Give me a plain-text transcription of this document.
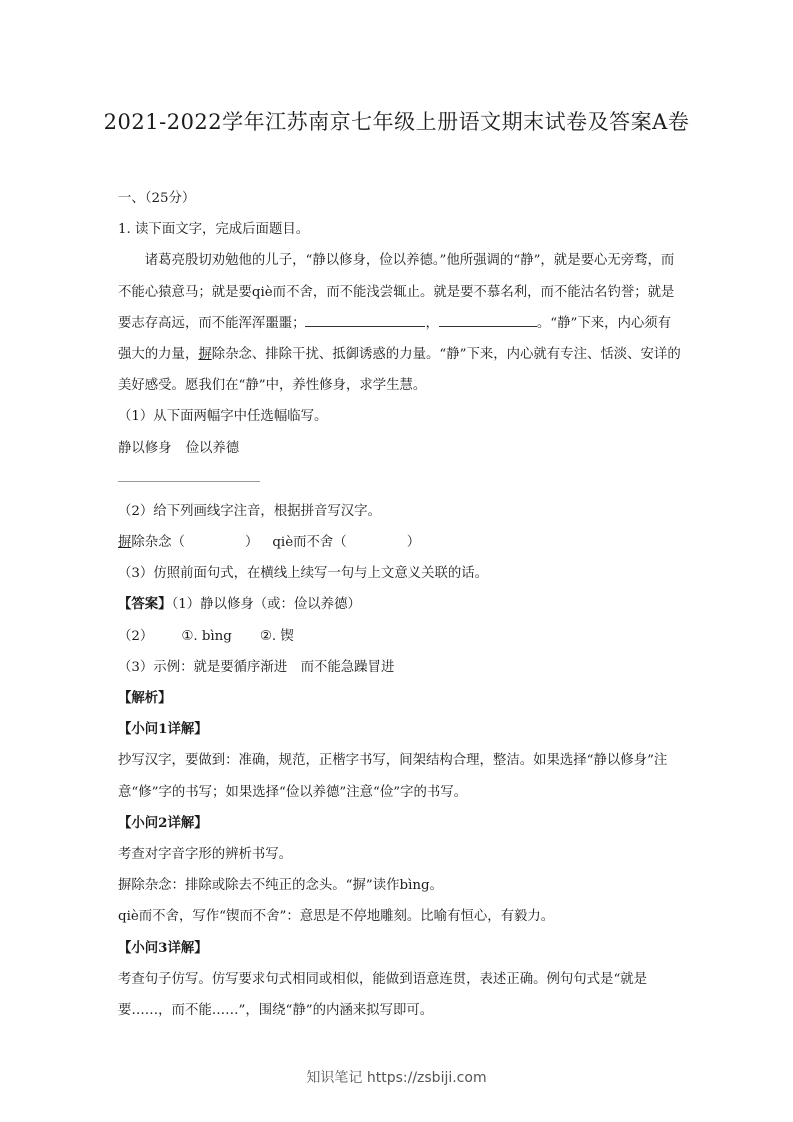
2021-2022学年江苏南京七年级上册语文期末试卷及答案A卷

一、（25分）

1. 读下面文字，完成后面题目。

诸葛亮殷切劝勉他的儿子，“静以修身，俭以养德。”他所强调的“静”，就是要心无旁骛，而不能心猿意马；就是要qiè而不舍，而不能浅尝辄止。就是要不慕名利，而不能沽名钓誉；就是要志存高远，而不能浑浑噩噩；	，	。“静”下来，内心须有强大的力量，摒除杂念、排除干扰、抵御诱惑的力量。“静”下来，内心就有专注、恬淡、安详的美好感受。愿我们在“静”中，养性修身，求学生慧。

（1）从下面两幅字中任选幅临写。

静以修身 俭以养德

（2）给下列画线字注音，根据拼音写汉字。

摒除杂念（	） qiè而不舍（	）

（3）仿照前面句式，在横线上续写一句与上文意义关联的话。

【答案】（1）静以修身（或：俭以养德）

（2） ①. bìng ②. 锲

（3）示例：就是要循序渐进　而不能急躁冒进

【解析】

【小问1详解】

抄写汉字，要做到：准确，规范，正楷字书写，间架结构合理，整洁。如果选择“静以修身”注意“修”字的书写；如果选择“俭以养德”注意“俭”字的书写。

【小问2详解】

考查对字音字形的辨析书写。

摒除杂念：排除或除去不纯正的念头。“摒”读作bìng。

qiè而不舍，写作“锲而不舍”：意思是不停地雕刻。比喻有恒心，有毅力。

【小问3详解】

考查句子仿写。仿写要求句式相同或相似，能做到语意连贯，表述正确。例句句式是“就是要……，而不能……”，围绕“静”的内涵来拟写即可。

知识笔记 https://zsbiji.com
